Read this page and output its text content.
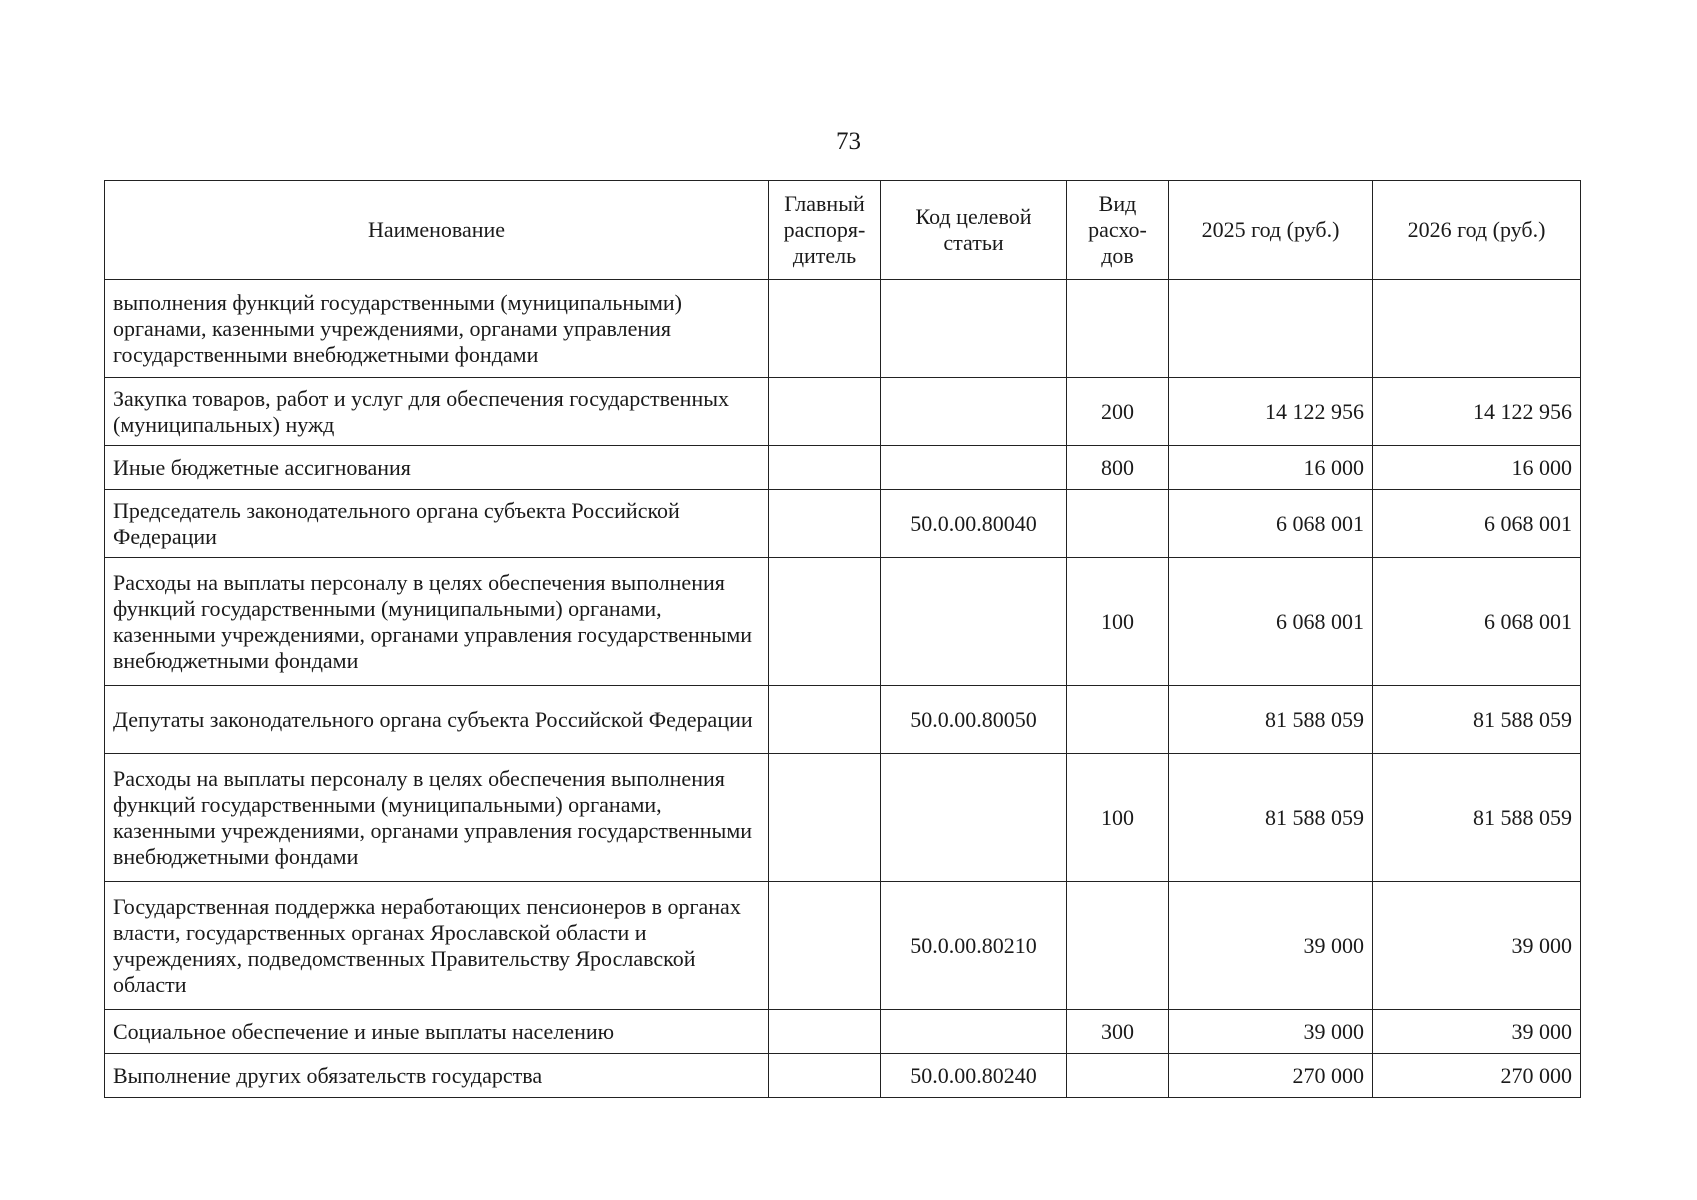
73
Наименование	Главный распоря-дитель	Код целевой статьи	Вид расхо-дов	2025 год (руб.)	2026 год (руб.)
выполнения функций государственными (муниципальными) органами, казенными учреждениями, органами управления государственными внебюджетными фондами					
Закупка товаров, работ и услуг для обеспечения государственных (муниципальных) нужд			200	14 122 956	14 122 956
Иные бюджетные ассигнования			800	16 000	16 000
Председатель законодательного органа субъекта Российской Федерации		50.0.00.80040		6 068 001	6 068 001
Расходы на выплаты персоналу в целях обеспечения выполнения функций государственными (муниципальными) органами, казенными учреждениями, органами управления государственными внебюджетными фондами			100	6 068 001	6 068 001
Депутаты законодательного органа субъекта Российской Федерации		50.0.00.80050		81 588 059	81 588 059
Расходы на выплаты персоналу в целях обеспечения выполнения функций государственными (муниципальными) органами, казенными учреждениями, органами управления государственными внебюджетными фондами			100	81 588 059	81 588 059
Государственная поддержка неработающих пенсионеров в органах власти, государственных органах Ярославской области и учреждениях, подведомственных Правительству Ярославской области		50.0.00.80210		39 000	39 000
Социальное обеспечение и иные выплаты населению			300	39 000	39 000
Выполнение других обязательств государства		50.0.00.80240		270 000	270 000
